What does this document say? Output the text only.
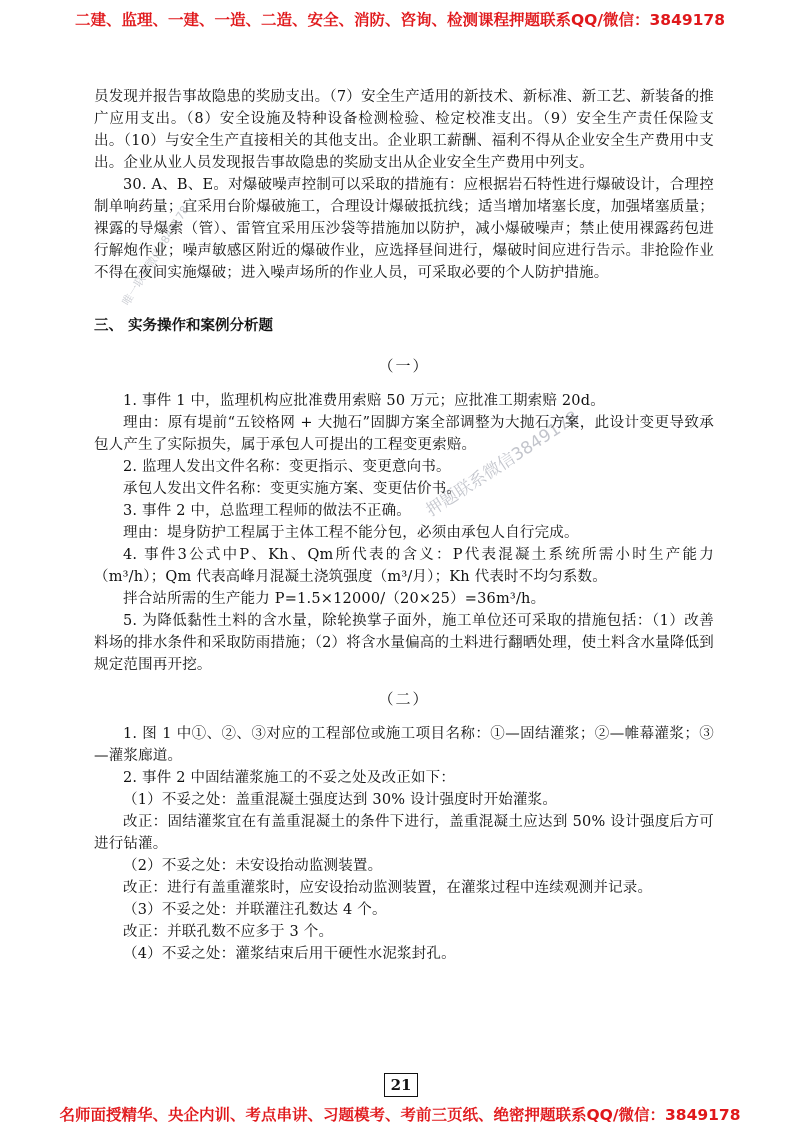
二建、监理、一建、一造、二造、安全、消防、咨询、检测课程押题联系QQ/微信：3849178
唯一联系微信3849178
押题联系微信3849178

员发现并报告事故隐患的奖励支出。（7）安全生产适用的新技术、新标准、新工艺、新装备的推广应用支出。（8）安全设施及特种设备检测检验、检定校准支出。（9）安全生产责任保险支出。（10）与安全生产直接相关的其他支出。企业职工薪酬、福利不得从企业安全生产费用中支出。企业从业人员发现报告事故隐患的奖励支出从企业安全生产费用中列支。

30. A、B、E。对爆破噪声控制可以采取的措施有：应根据岩石特性进行爆破设计，合理控制单响药量；宜采用台阶爆破施工，合理设计爆破抵抗线；适当增加堵塞长度，加强堵塞质量；裸露的导爆索（管）、雷管宜采用压沙袋等措施加以防护，减小爆破噪声；禁止使用裸露药包进行解炮作业；噪声敏感区附近的爆破作业，应选择昼间进行，爆破时间应进行告示。非抢险作业不得在夜间实施爆破；进入噪声场所的作业人员，可采取必要的个人防护措施。

三、 实务操作和案例分析题
（一）

1. 事件 1 中，监理机构应批准费用索赔 50 万元；应批准工期索赔 20d。

理由：原有堤前“五铰格网 + 大抛石”固脚方案全部调整为大抛石方案，此设计变更导致承包人产生了实际损失，属于承包人可提出的工程变更索赔。

2. 监理人发出文件名称：变更指示、变更意向书。

承包人发出文件名称：变更实施方案、变更估价书。

3. 事件 2 中，总监理工程师的做法不正确。

理由：堤身防护工程属于主体工程不能分包，必须由承包人自行完成。

4. 事件3公式中P、Kh、Qm所代表的含义：P代表混凝土系统所需小时生产能力（m³/h）；Qm 代表高峰月混凝土浇筑强度（m³/月）；Kh 代表时不均匀系数。

拌合站所需的生产能力 P=1.5×12000/（20×25）=36m³/h。

5. 为降低黏性土料的含水量，除轮换掌子面外，施工单位还可采取的措施包括：（1）改善料场的排水条件和采取防雨措施；（2）将含水量偏高的土料进行翻晒处理，使土料含水量降低到规定范围再开挖。

（二）

1. 图 1 中①、②、③对应的工程部位或施工项目名称：①—固结灌浆；②—帷幕灌浆；③—灌浆廊道。

2. 事件 2 中固结灌浆施工的不妥之处及改正如下：

（1）不妥之处：盖重混凝土强度达到 30% 设计强度时开始灌浆。

改正：固结灌浆宜在有盖重混凝土的条件下进行，盖重混凝土应达到 50% 设计强度后方可进行钻灌。

（2）不妥之处：未安设抬动监测装置。

改正：进行有盖重灌浆时，应安设抬动监测装置，在灌浆过程中连续观测并记录。

（3）不妥之处：并联灌注孔数达 4 个。

改正：并联孔数不应多于 3 个。

（4）不妥之处：灌浆结束后用干硬性水泥浆封孔。

21
名师面授精华、央企内训、考点串讲、习题模考、考前三页纸、绝密押题联系QQ/微信：3849178
